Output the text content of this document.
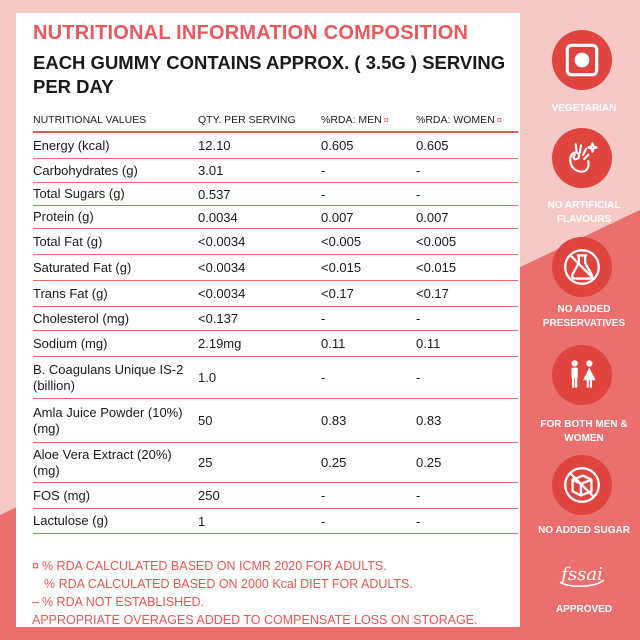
NUTRITIONAL INFORMATION COMPOSITION
EACH GUMMY CONTAINS APPROX. ( 3.5G ) SERVING PER DAY
NUTRITIONAL VALUES	QTY. PER SERVING	%RDA: MEN ¤	%RDA: WOMEN ¤
Energy (kcal)	12.10	0.605	0.605
Carbohydrates (g)	3.01	-	-
Total Sugars (g)	0.537	-	-
Protein (g)	0.0034	0.007	0.007
Total Fat (g)	<0.0034	<0.005	<0.005
Saturated Fat (g)	<0.0034	<0.015	<0.015
Trans Fat (g)	<0.0034	<0.17	<0.17
Cholesterol (mg)	<0.137	-	-
Sodium (mg)	2.19mg	0.11	0.11
B. Coagulans Unique IS-2 (billion)	1.0	-	-
Amla Juice Powder (10%) (mg)	50	0.83	0.83
Aloe Vera Extract (20%) (mg)	25	0.25	0.25
FOS (mg)	250	-	-
Lactulose (g)	1	-	-
¤ % RDA CALCULATED BASED ON ICMR 2020 FOR ADULTS.
% RDA CALCULATED BASED ON 2000 Kcal DIET FOR ADULTS.
– % RDA NOT ESTABLISHED.
APPROPRIATE OVERAGES ADDED TO COMPENSATE LOSS ON STORAGE.
VEGETARIAN
NO ARTIFICIAL FLAVOURS
NO ADDED PRESERVATIVES
FOR BOTH MEN & WOMEN
NO ADDED SUGAR
fssai
APPROVED
